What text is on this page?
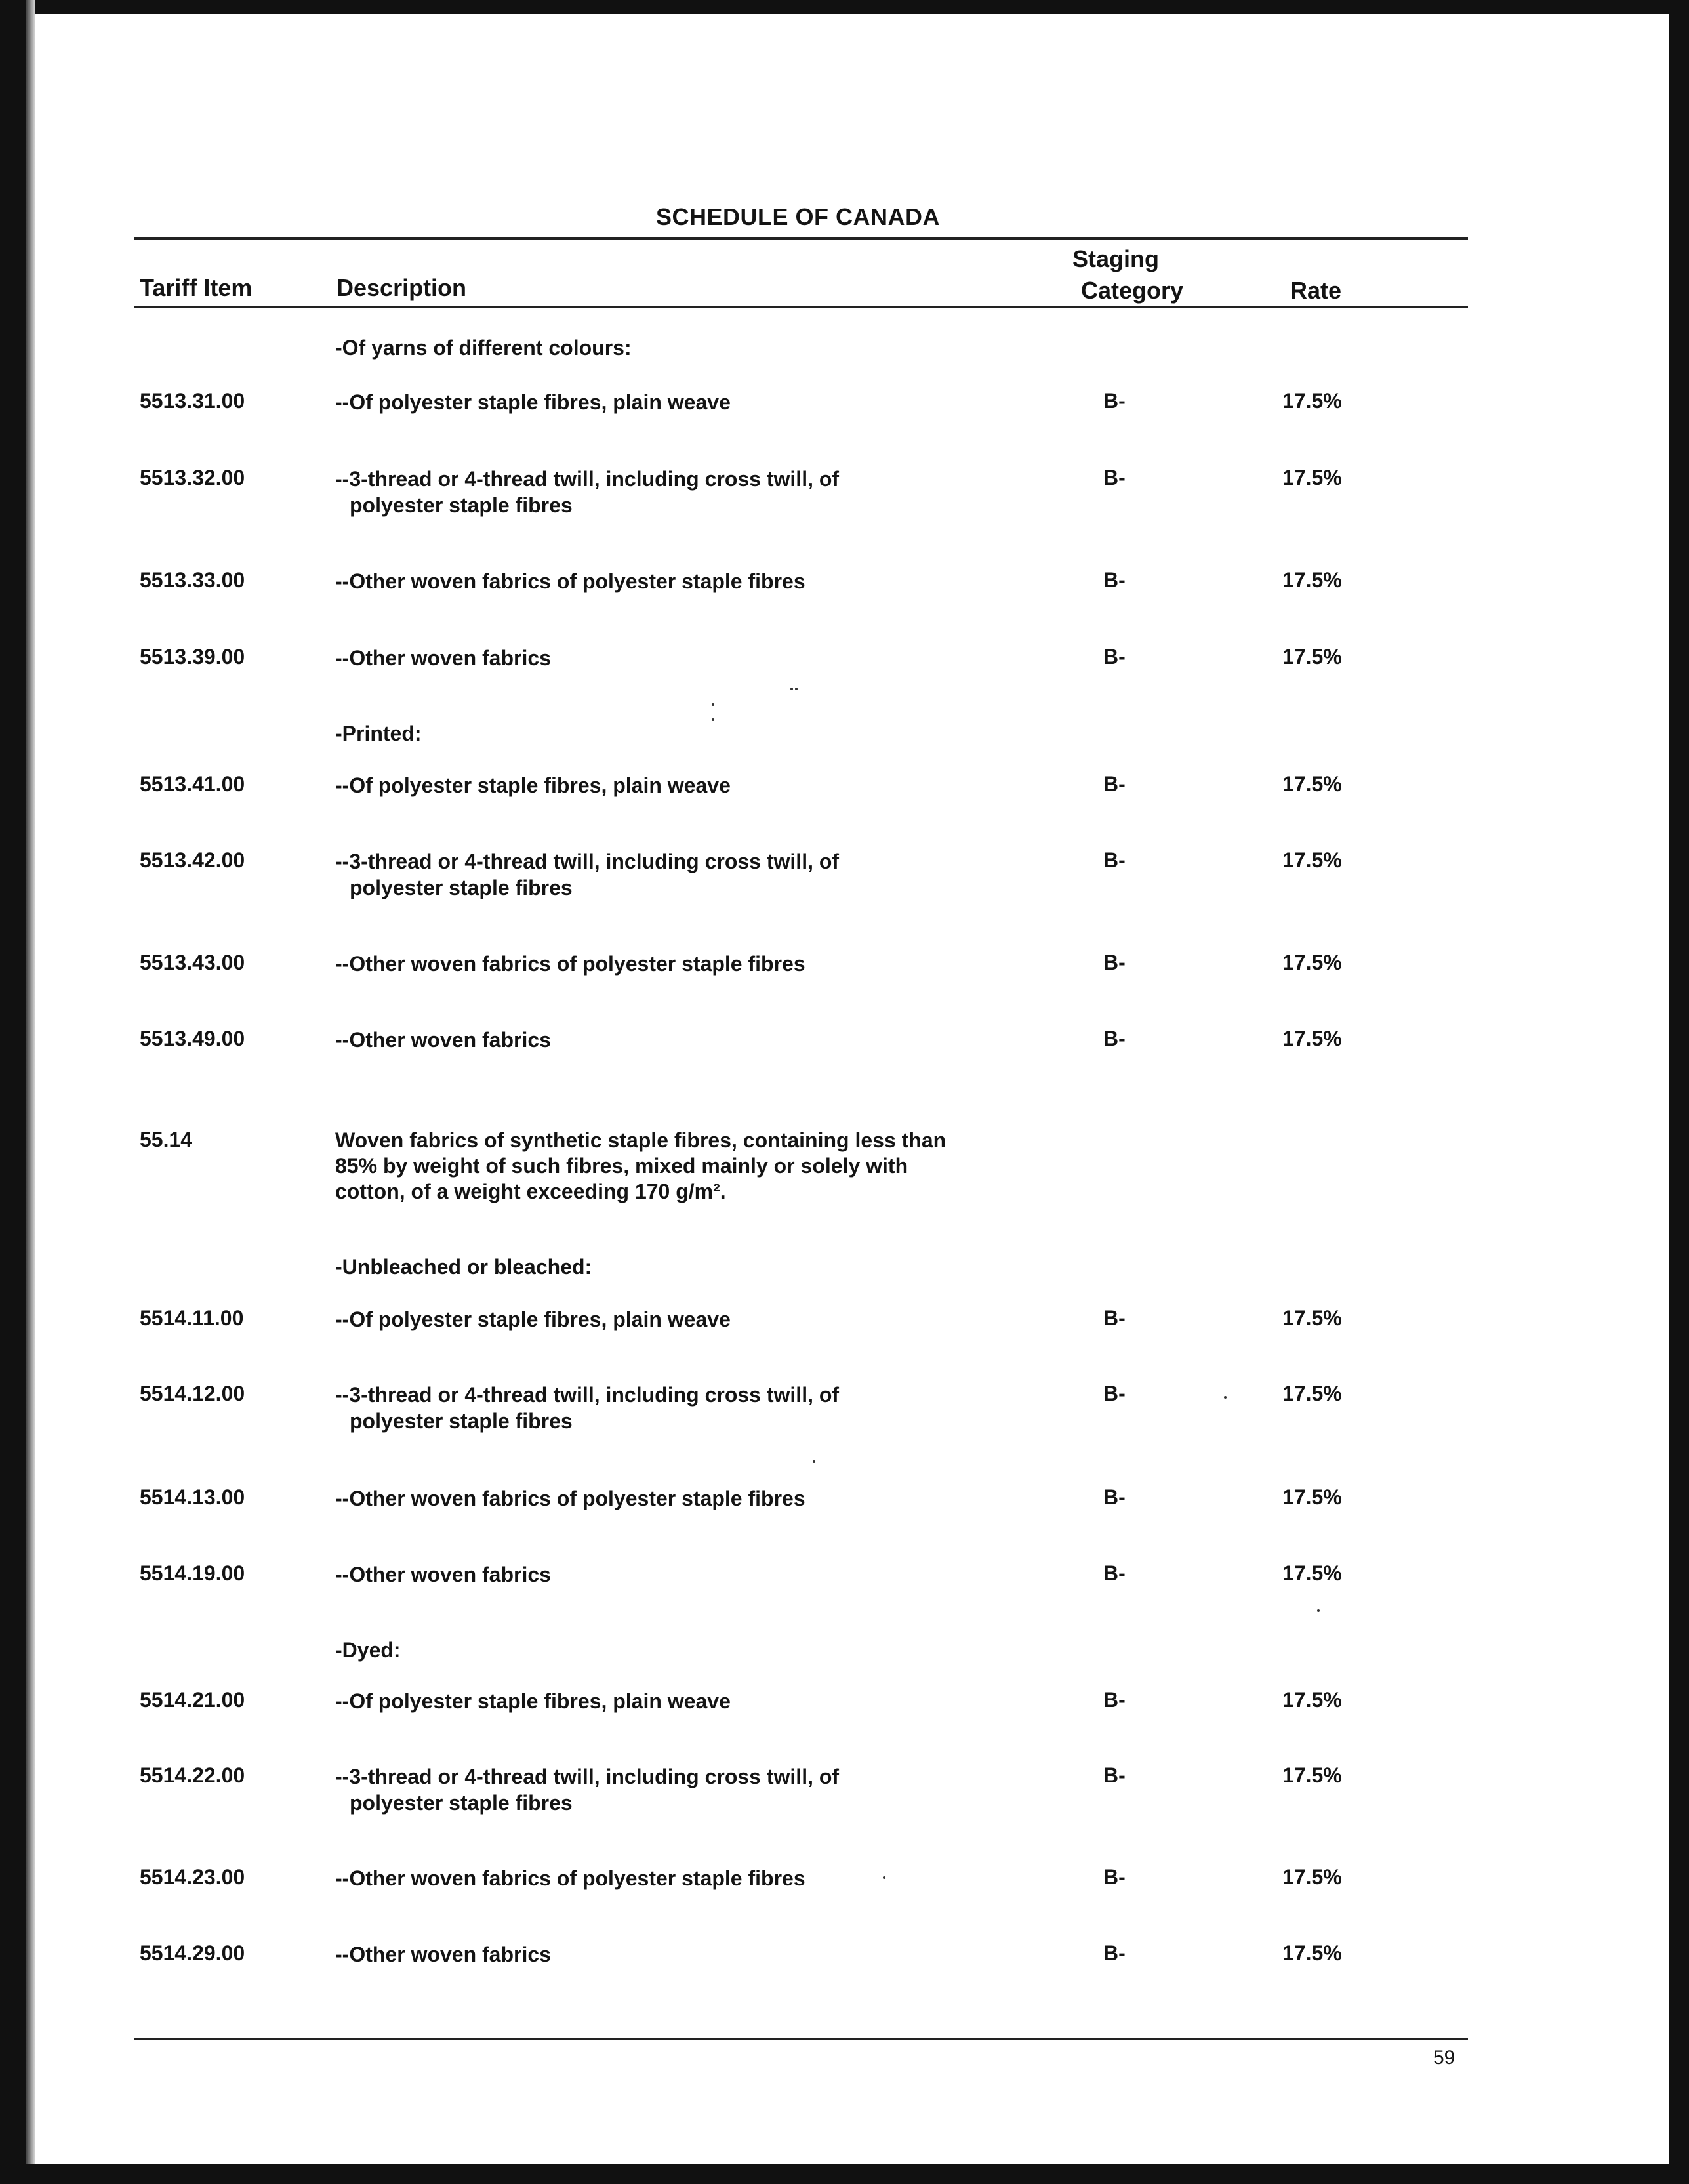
SCHEDULE OF CANADA
Tariff Item	Description
Staging
Category	Rate
-Of yarns of different colours:
5513.31.00	--Of polyester staple fibres, plain weave	B-	17.5%
5513.32.00	--3-thread or 4-thread twill, including cross twill, of
polyester staple fibres
B-	17.5%
5513.33.00	--Other woven fabrics of polyester staple fibres	B-	17.5%
5513.39.00	--Other woven fabrics	B-	17.5%
-Printed:
5513.41.00	--Of polyester staple fibres, plain weave	B-	17.5%
5513.42.00	--3-thread or 4-thread twill, including cross twill, of
polyester staple fibres
B-	17.5%
5513.43.00	--Other woven fabrics of polyester staple fibres	B-	17.5%
5513.49.00	--Other woven fabrics	B-	17.5%
55.14	Woven fabrics of synthetic staple fibres, containing less than
85% by weight of such fibres, mixed mainly or solely with
cotton, of a weight exceeding 170 g/m².
-Unbleached or bleached:
5514.11.00	--Of polyester staple fibres, plain weave	B-	17.5%
5514.12.00	--3-thread or 4-thread twill, including cross twill, of
polyester staple fibres
B-	17.5%
5514.13.00	--Other woven fabrics of polyester staple fibres	B-	17.5%
5514.19.00	--Other woven fabrics	B-	17.5%
-Dyed:
5514.21.00	--Of polyester staple fibres, plain weave	B-	17.5%
5514.22.00	--3-thread or 4-thread twill, including cross twill, of
polyester staple fibres
B-	17.5%
5514.23.00	--Other woven fabrics of polyester staple fibres	B-	17.5%
5514.29.00	--Other woven fabrics	B-	17.5%
59
